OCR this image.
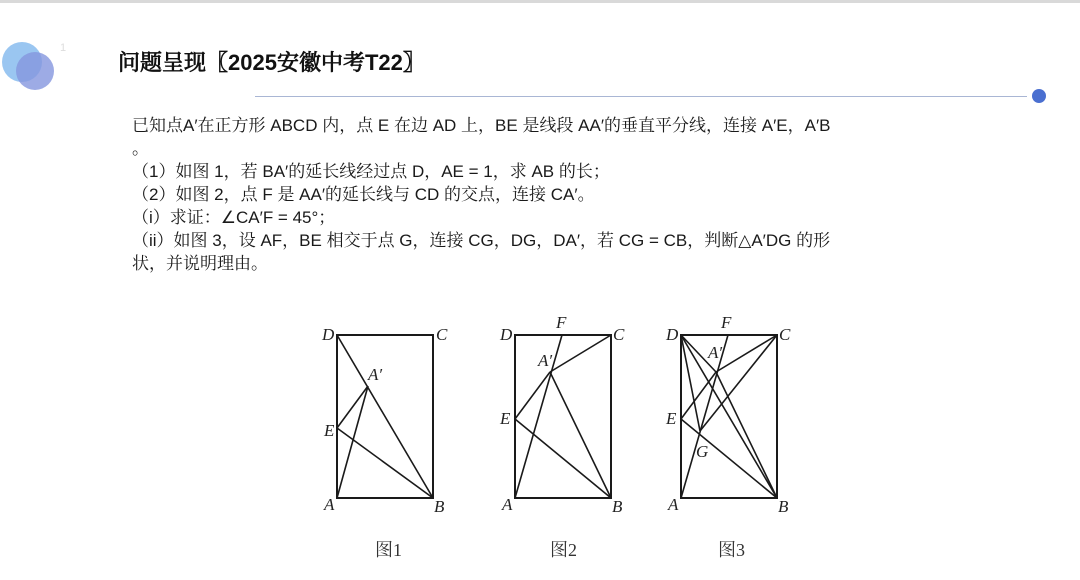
1
问题呈现〖2025安徽中考T22〗

已知点A′在正方形 ABCD 内，点 E 在边 AD 上，BE 是线段 AA′的垂直平分线，连接 A′E，A′B

。

（1）如图 1，若 BA′的延长线经过点 D，AE = 1，求 AB 的长；

（2）如图 2，点 F 是 AA′的延长线与 CD 的交点，连接 CA′。

（i）求证：∠CA′F = 45°；

（ii）如图 3，设 AF，BE 相交于点 G，连接 CG，DG，DA′，若 CG = CB，判断△A′DG 的形

状，并说明理由。

D	C
A′
E
A	B
图1
D
F
C
A′
E
A	B
图2
D
F
C
A′
E
G
A	B
图3
